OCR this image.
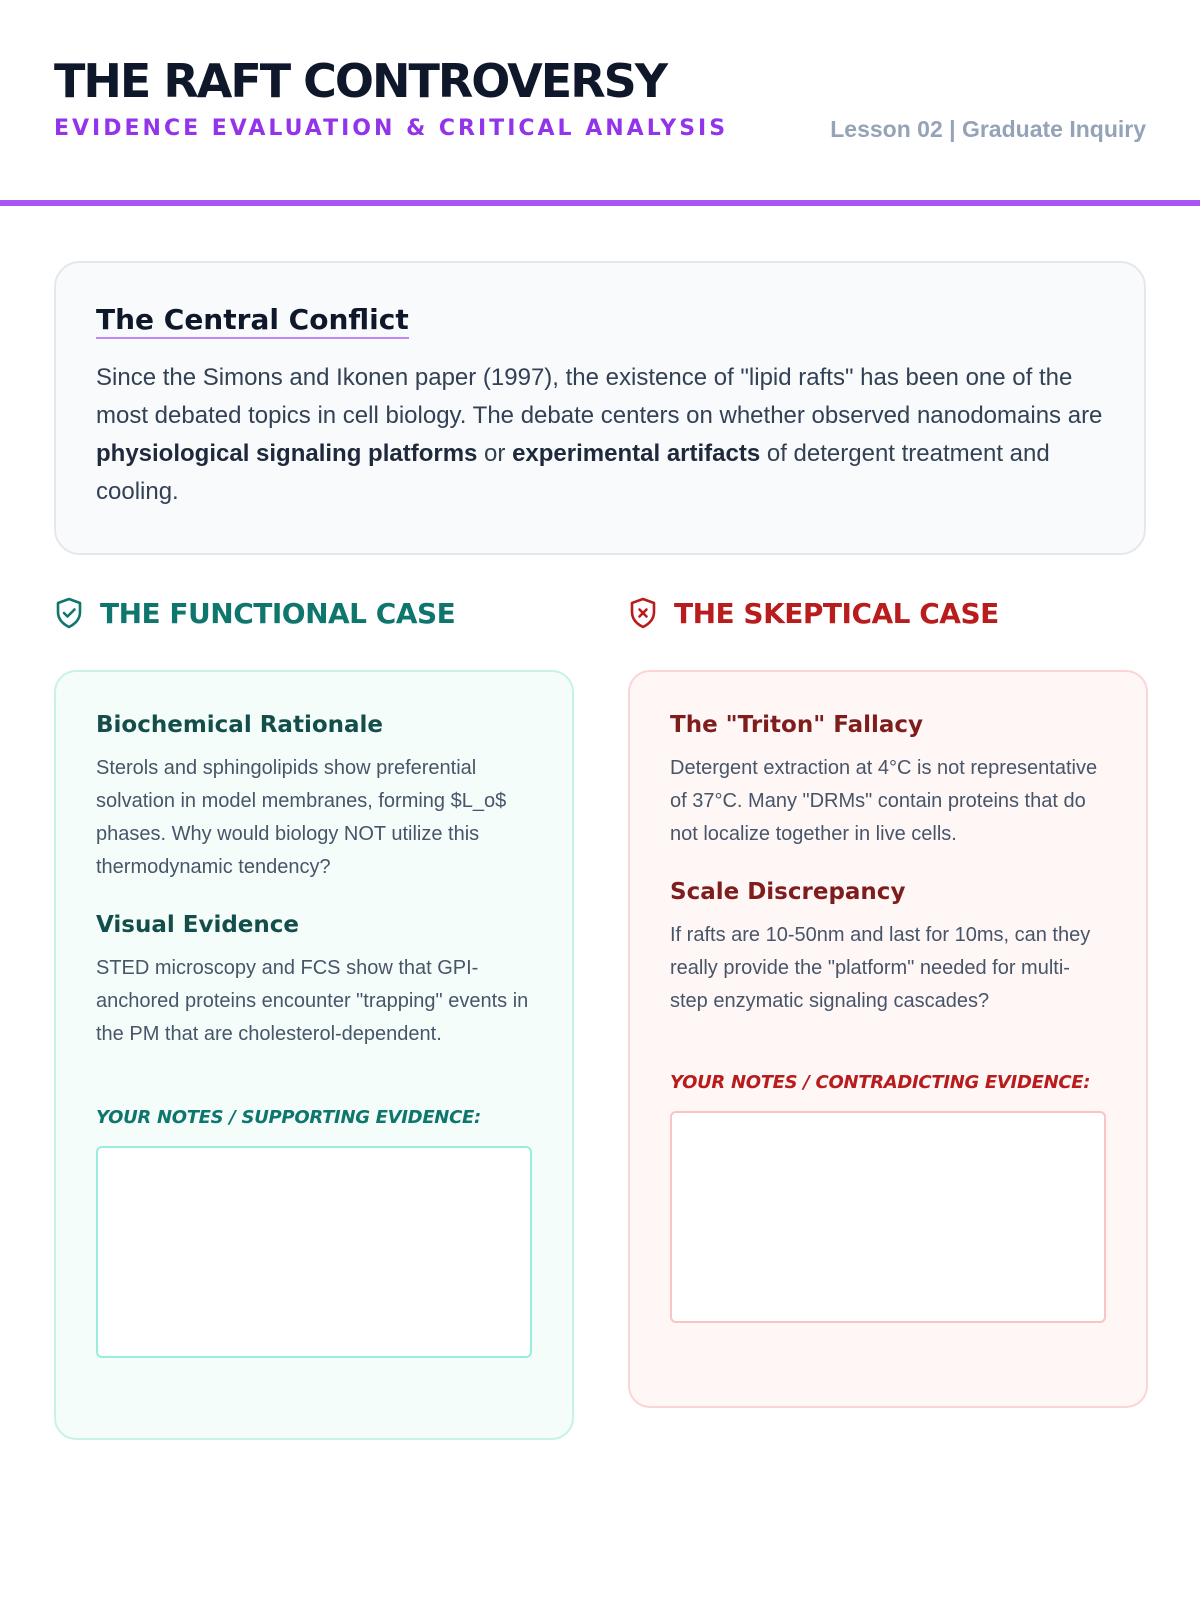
THE RAFT CONTROVERSY
EVIDENCE EVALUATION & CRITICAL ANALYSIS	Lesson 02 | Graduate Inquiry
The Central Conflict

Since the Simons and Ikonen paper (1997), the existence of "lipid rafts" has been one of the most debated topics in cell biology. The debate centers on whether observed nanodomains are physiological signaling platforms or experimental artifacts of detergent treatment and cooling.

THE FUNCTIONAL CASE	THE SKEPTICAL CASE
Biochemical Rationale

Sterols and sphingolipids show preferential solvation in model membranes, forming $L_o$ phases. Why would biology NOT utilize this thermodynamic tendency?

Visual Evidence

STED microscopy and FCS show that GPI-anchored proteins encounter "trapping" events in the PM that are cholesterol-dependent.

YOUR NOTES / SUPPORTING EVIDENCE:
The "Triton" Fallacy

Detergent extraction at 4°C is not representative of 37°C. Many "DRMs" contain proteins that do not localize together in live cells.

Scale Discrepancy

If rafts are 10-50nm and last for 10ms, can they really provide the "platform" needed for multi-step enzymatic signaling cascades?

YOUR NOTES / CONTRADICTING EVIDENCE:
